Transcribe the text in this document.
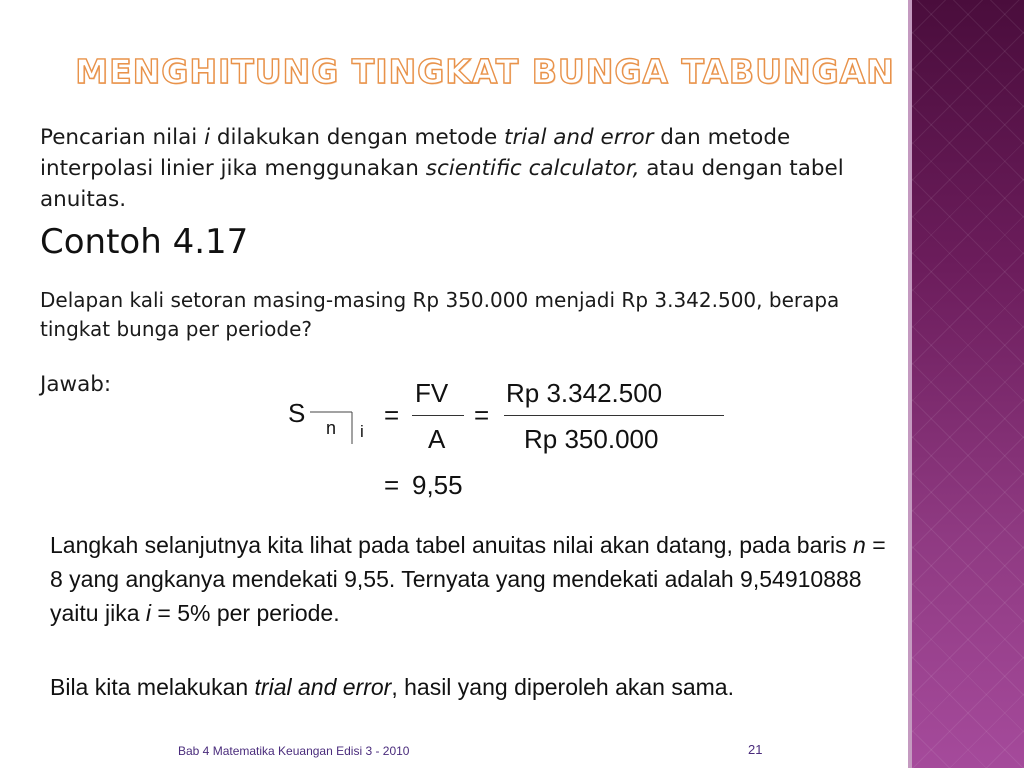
MENGHITUNG TINGKAT BUNGA TABUNGAN
Pencarian nilai i dilakukan dengan metode trial and error dan metode interpolasi linier jika menggunakan scientific calculator, atau dengan tabel anuitas.
Contoh 4.17
Delapan kali setoran masing-masing Rp 350.000 menjadi Rp 3.342.500, berapa tingkat bunga per periode?
Jawab:
S n i
=
FV
A
=
Rp 3.342.500
Rp 350.000
= 9,55
Langkah selanjutnya kita lihat pada tabel anuitas nilai akan datang, pada baris n = 8 yang angkanya mendekati 9,55. Ternyata yang mendekati adalah 9,54910888 yaitu jika i = 5% per periode.
Bila kita melakukan trial and error, hasil yang diperoleh akan sama.
Bab 4 Matematika Keuangan Edisi 3 - 2010	21
